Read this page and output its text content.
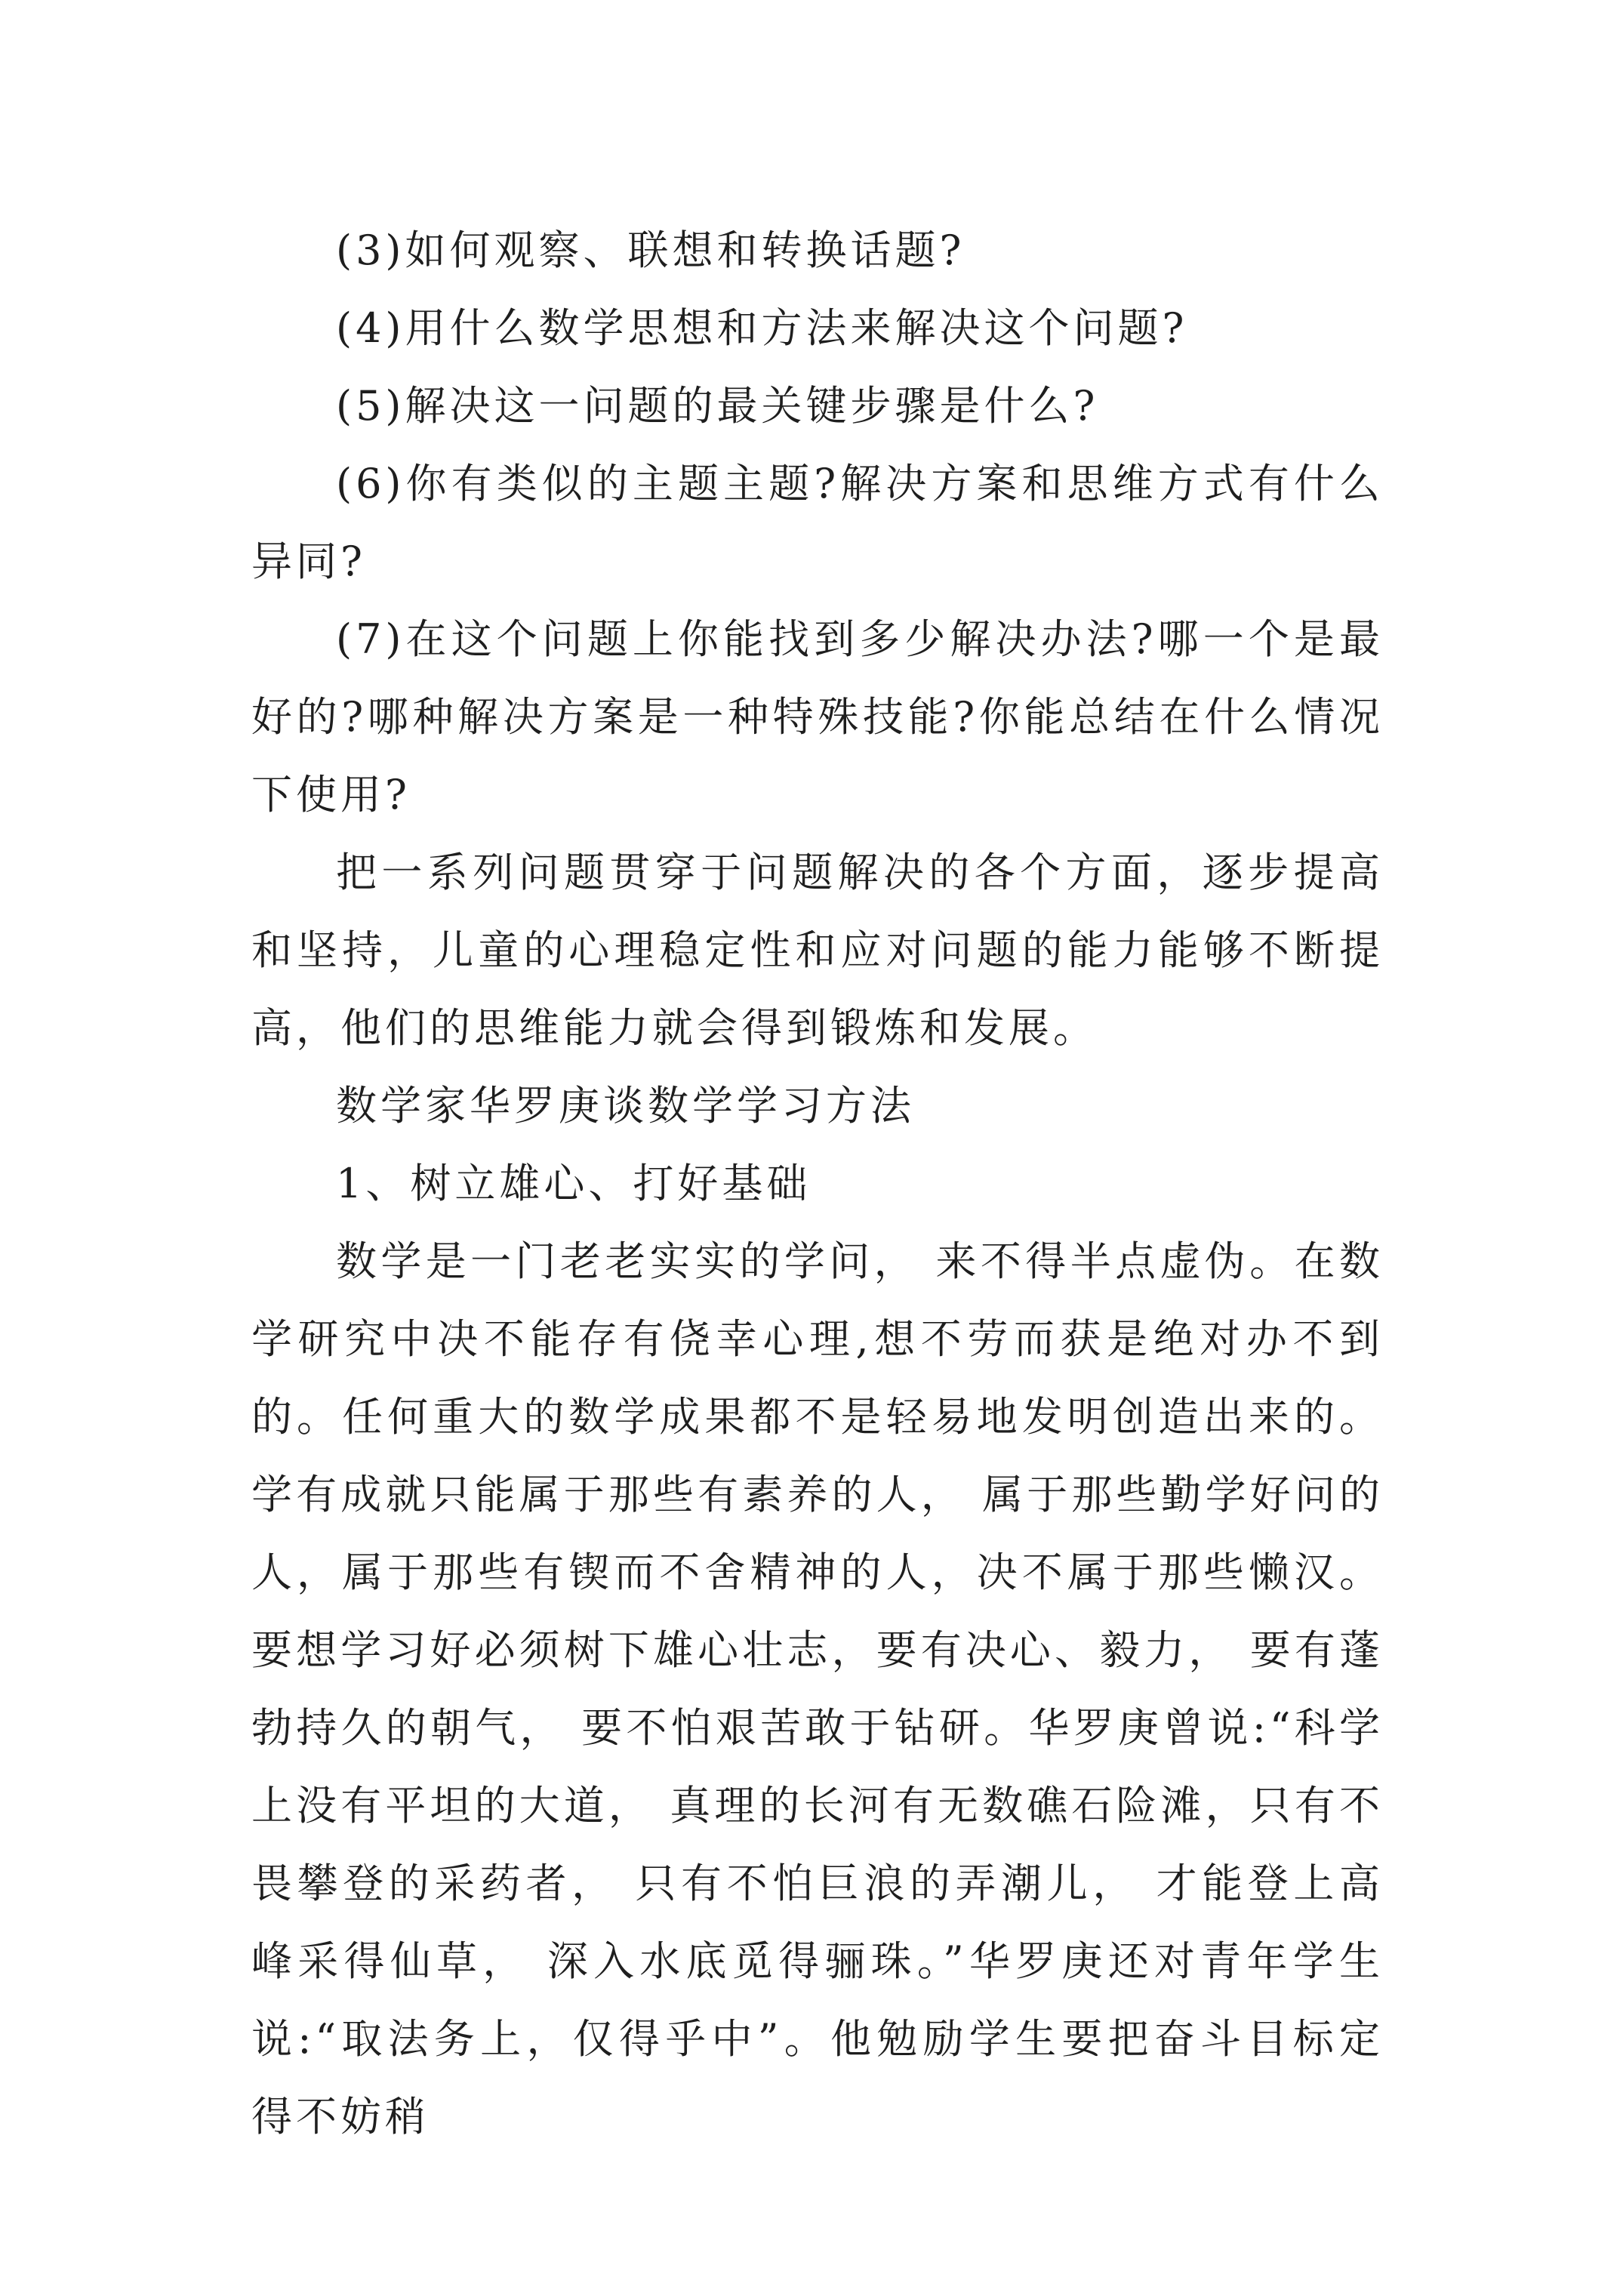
(3)如何观察、联想和转换话题?

(4)用什么数学思想和方法来解决这个问题?

(5)解决这一问题的最关键步骤是什么?

(6)你有类似的主题主题?解决方案和思维方式有什么异同?

(7)在这个问题上你能找到多少解决办法?哪一个是最好的?哪种解决方案是一种特殊技能?你能总结在什么情况下使用?

把一系列问题贯穿于问题解决的各个方面，逐步提高和坚持，儿童的心理稳定性和应对问题的能力能够不断提高，他们的思维能力就会得到锻炼和发展。

数学家华罗庚谈数学学习方法

1、树立雄心、打好基础

数学是一门老老实实的学问， 来不得半点虚伪。在数学研究中决不能存有侥幸心理,想不劳而获是绝对办不到的。任何重大的数学成果都不是轻易地发明创造出来的。学有成就只能属于那些有素养的人， 属于那些勤学好问的人，属于那些有锲而不舍精神的人，决不属于那些懒汉。要想学习好必须树下雄心壮志，要有决心、毅力， 要有蓬勃持久的朝气， 要不怕艰苦敢于钻研。华罗庚曾说:“科学上没有平坦的大道， 真理的长河有无数礁石险滩，只有不畏攀登的采药者， 只有不怕巨浪的弄潮儿， 才能登上高峰采得仙草， 深入水底觅得骊珠。”华罗庚还对青年学生说:“取法务上，仅得乎中”。他勉励学生要把奋斗目标定得不妨稍
